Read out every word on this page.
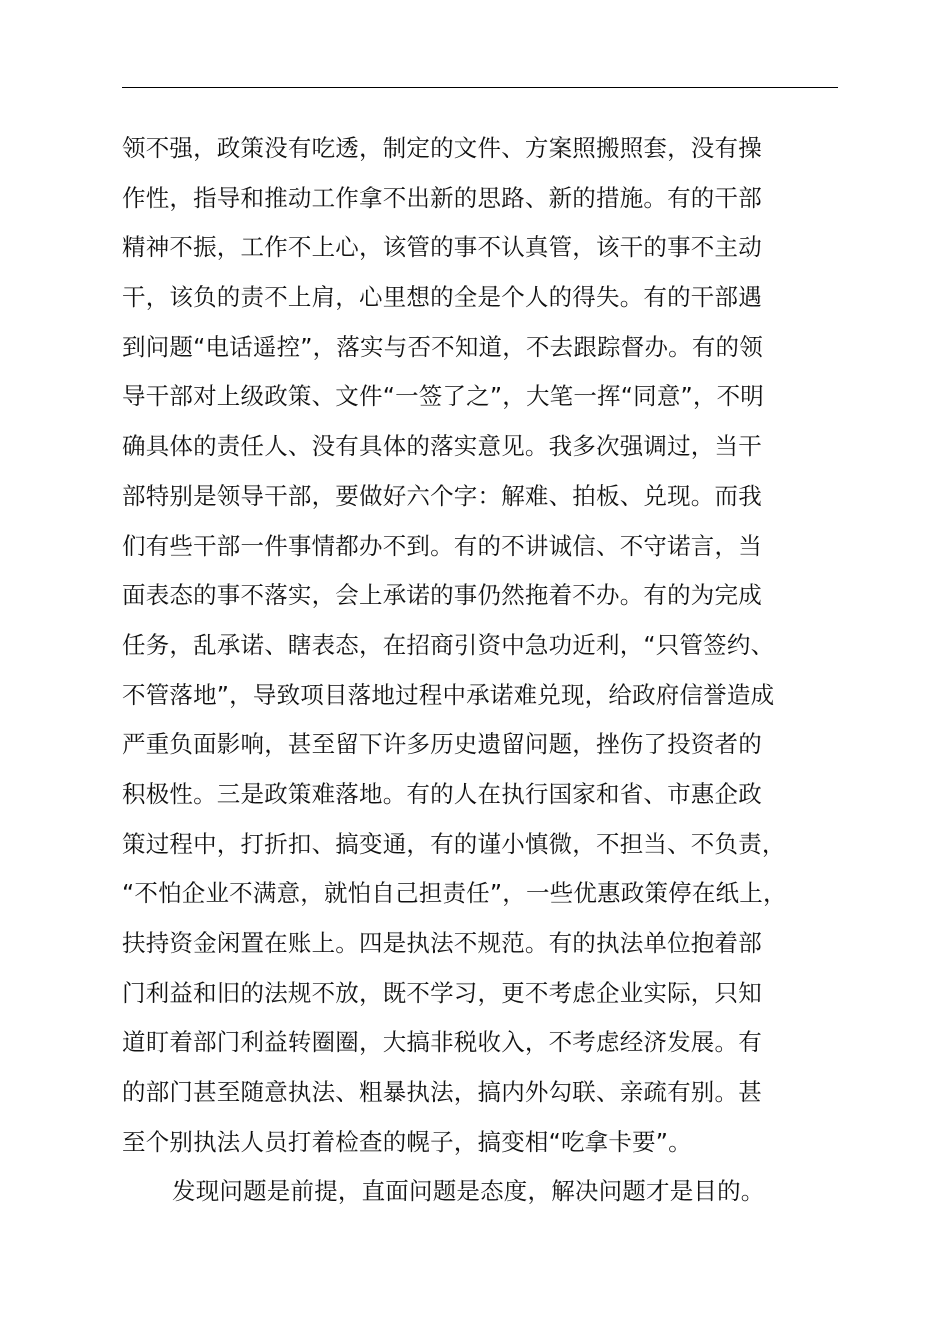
领不强，政策没有吃透，制定的文件、方案照搬照套，没有操
作性，指导和推动工作拿不出新的思路、新的措施。有的干部
精神不振，工作不上心，该管的事不认真管，该干的事不主动
干，该负的责不上肩，心里想的全是个人的得失。有的干部遇
到问题“电话遥控”，落实与否不知道，不去跟踪督办。有的领
导干部对上级政策、文件“一签了之”，大笔一挥“同意”，不明
确具体的责任人、没有具体的落实意见。我多次强调过，当干
部特别是领导干部，要做好六个字：解难、拍板、兑现。而我
们有些干部一件事情都办不到。有的不讲诚信、不守诺言，当
面表态的事不落实，会上承诺的事仍然拖着不办。有的为完成
任务，乱承诺、瞎表态，在招商引资中急功近利，“只管签约、
不管落地”，导致项目落地过程中承诺难兑现，给政府信誉造成
严重负面影响，甚至留下许多历史遗留问题，挫伤了投资者的
积极性。三是政策难落地。有的人在执行国家和省、市惠企政
策过程中，打折扣、搞变通，有的谨小慎微，不担当、不负责，
“不怕企业不满意，就怕自己担责任”，一些优惠政策停在纸上，
扶持资金闲置在账上。四是执法不规范。有的执法单位抱着部
门利益和旧的法规不放，既不学习，更不考虑企业实际，只知
道盯着部门利益转圈圈，大搞非税收入，不考虑经济发展。有
的部门甚至随意执法、粗暴执法，搞内外勾联、亲疏有别。甚
至个别执法人员打着检查的幌子，搞变相“吃拿卡要”。
发现问题是前提，直面问题是态度，解决问题才是目的。
